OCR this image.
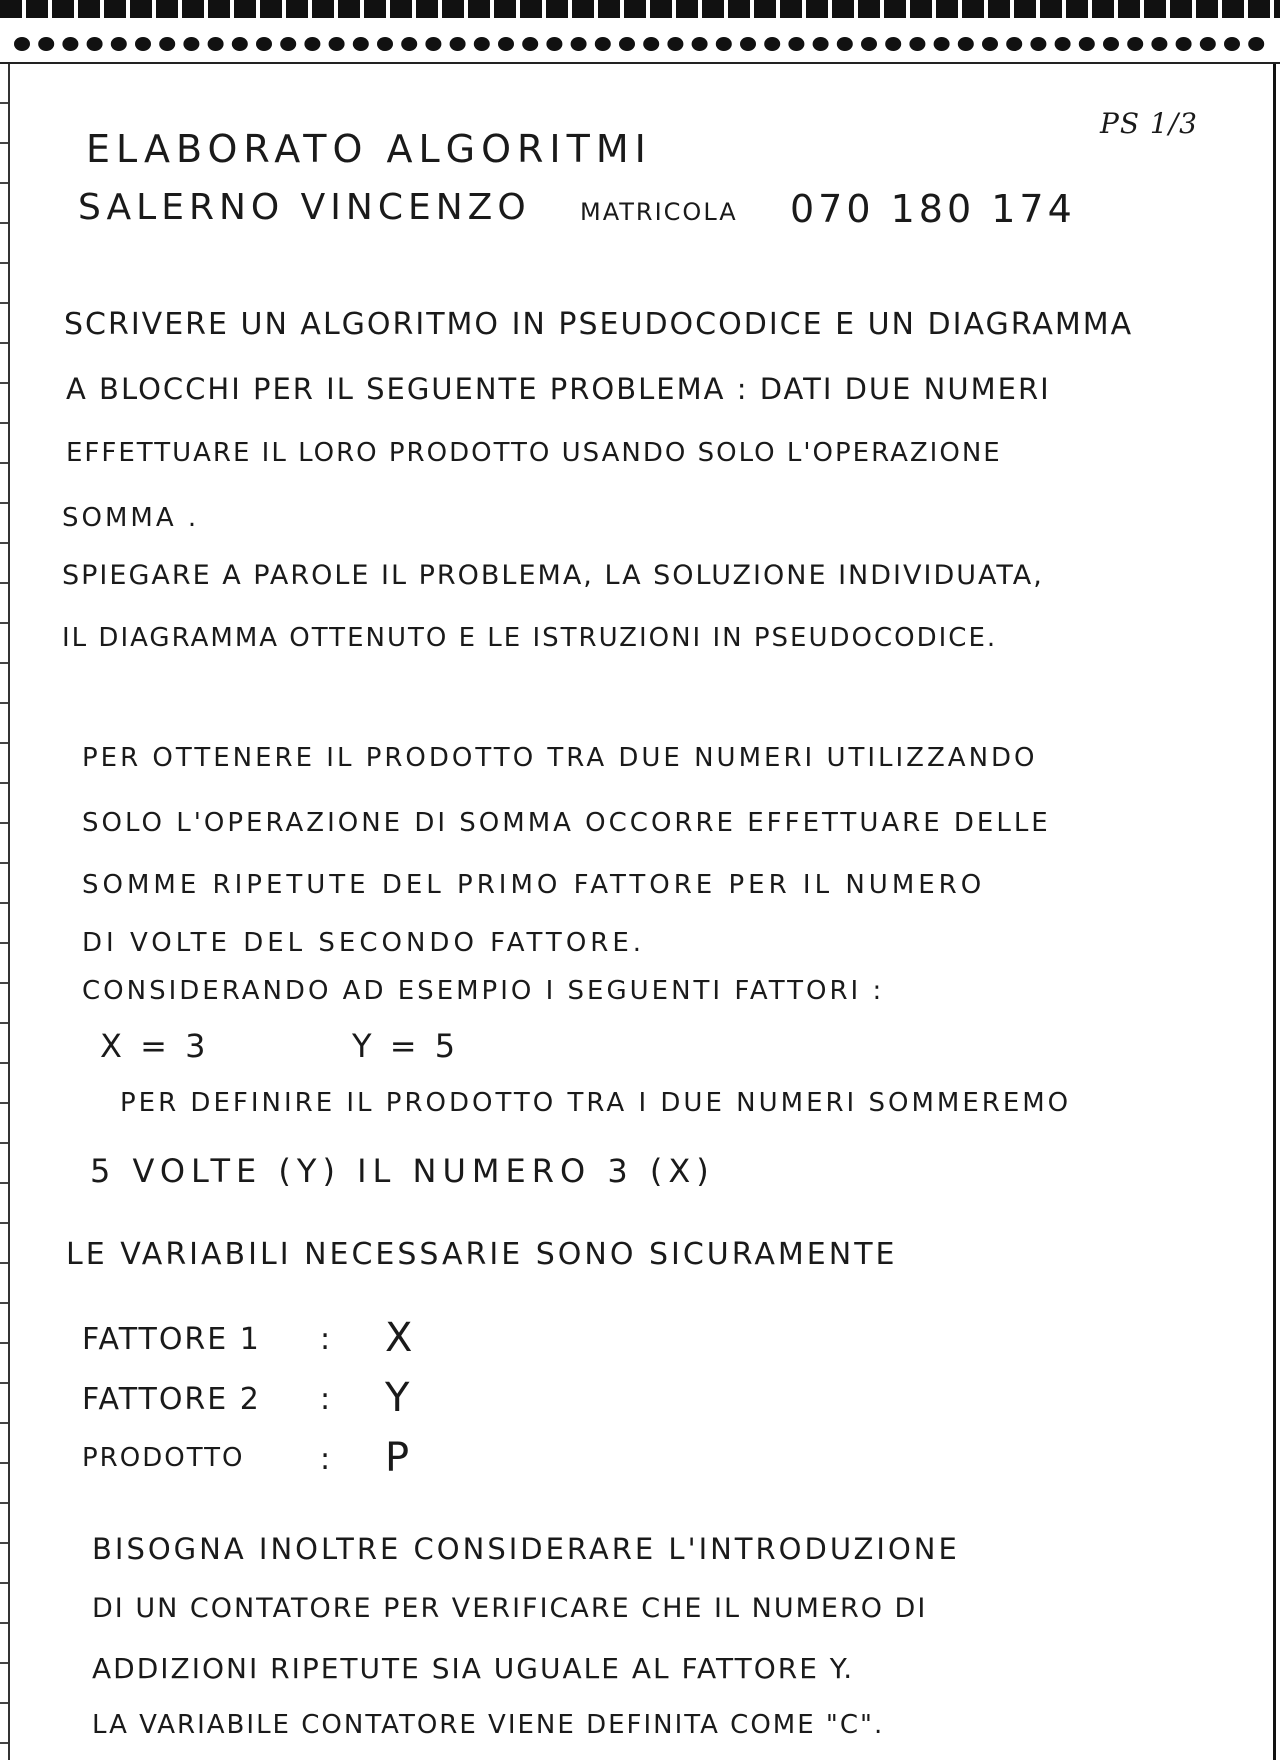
PS 1/3
ELABORATO ALGORITMI
SALERNO VINCENZO MATRICOLA 070 180 174
SCRIVERE UN ALGORITMO IN PSEUDOCODICE E UN DIAGRAMMA
A BLOCCHI PER IL SEGUENTE PROBLEMA : DATI DUE NUMERI
EFFETTUARE IL LORO PRODOTTO USANDO SOLO L'OPERAZIONE
SOMMA .
SPIEGARE A PAROLE IL PROBLEMA, LA SOLUZIONE INDIVIDUATA,
IL DIAGRAMMA OTTENUTO E LE ISTRUZIONI IN PSEUDOCODICE.
PER OTTENERE IL PRODOTTO TRA DUE NUMERI UTILIZZANDO
SOLO L'OPERAZIONE DI SOMMA OCCORRE EFFETTUARE DELLE
SOMME RIPETUTE DEL PRIMO FATTORE PER IL NUMERO
DI VOLTE DEL SECONDO FATTORE.
CONSIDERANDO AD ESEMPIO I SEGUENTI FATTORI :
X = 3	Y = 5
PER DEFINIRE IL PRODOTTO TRA I DUE NUMERI SOMMEREMO
5 VOLTE (Y) IL NUMERO 3 (X)
LE VARIABILI NECESSARIE SONO SICURAMENTE
FATTORE 1 : X
FATTORE 2 : Y
PRODOTTO	: P
BISOGNA INOLTRE CONSIDERARE L'INTRODUZIONE
DI UN CONTATORE PER VERIFICARE CHE IL NUMERO DI
ADDIZIONI RIPETUTE SIA UGUALE AL FATTORE Y.
LA VARIABILE CONTATORE VIENE DEFINITA COME "C".
